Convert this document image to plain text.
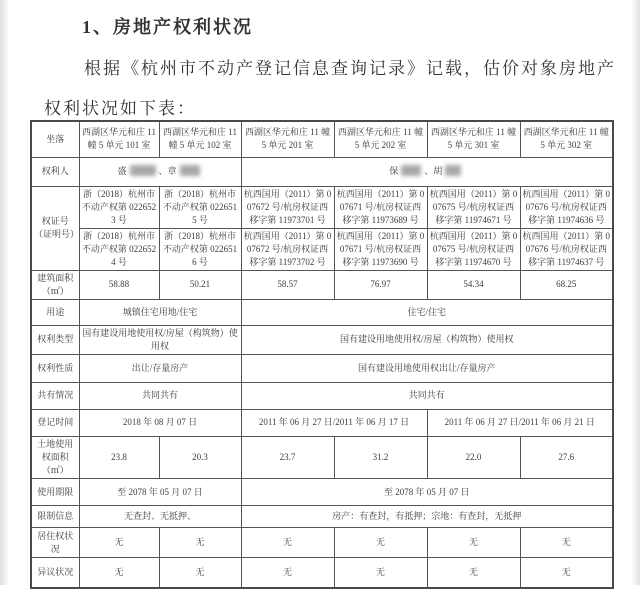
1、房地产权利状况
根据《杭州市不动产登记信息查询记录》记载，估价对象房地产
权利状况如下表：
坐落	西湖区华元和庄 11 幢 5 单元 101 室	西湖区华元和庄 11 幢 5 单元 102 室	西湖区华元和庄 11 幢 5 单元 201 室	西湖区华元和庄 11 幢 5 单元 202 室	西湖区华元和庄 11 幢 5 单元 301 室	西湖区华元和庄 11 幢 5 单元 302 室
权利人	盛 、章		保 、胡			
权证号（证明号）	浙（2018）杭州市不动产权第 0226523 号	浙（2018）杭州市不动产权第 0226515 号	杭西国用（2011）第 007672 号/杭房权证西移字第 11973701 号	杭西国用（2011）第 007671 号/杭房权证西移字第 11973689 号	杭西国用（2011）第 007675 号/杭房权证西移字第 11974671 号	杭西国用（2011）第 007676 号/杭房权证西移字第 11974636 号
	浙（2018）杭州市不动产权第 0226524 号	浙（2018）杭州市不动产权第 0226516 号	杭西国用（2011）第 007672 号/杭房权证西移字第 11973702 号	杭西国用（2011）第 007671 号/杭房权证西移字第 11973690 号	杭西国用（2011）第 007675 号/杭房权证西移字第 11974670 号	杭西国用（2011）第 007676 号/杭房权证西移字第 11974637 号
建筑面积（㎡）	58.88	50.21	58.57	76.97	54.34	68.25
用途	城镇住宅用地/住宅		住宅/住宅			
权利类型	国有建设用地使用权/房屋（构筑物）使用权		国有建设用地使用权/房屋（构筑物）使用权			
权利性质	出让/存量房产		国有建设用地使用权出让/存量房产			
共有情况	共同共有		共同共有			
登记时间	2018 年 08 月 07 日		2011 年 06 月 27 日/2011 年 06 月 17 日		2011 年 06 月 27 日/2011 年 06 月 21 日	
土地使用权面积（㎡）	23.8	20.3	23.7	31.2	22.0	27.6
使用期限	至 2078 年 05 月 07 日		至 2078 年 05 月 07 日			
限制信息	无查封、无抵押、		房产：有查封，有抵押；宗地：有查封，无抵押			
居住权状况	无	无	无	无	无	无
异议状况	无	无	无	无	无	无
